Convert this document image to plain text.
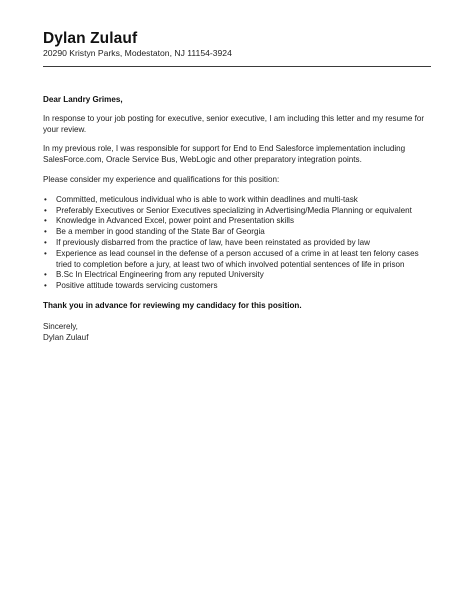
Dylan Zulauf
20290 Kristyn Parks, Modestaton, NJ 11154-3924

Dear Landry Grimes,

In response to your job posting for executive, senior executive, I am including this letter and my resume for your review.

In my previous role, I was responsible for support for End to End Salesforce implementation including SalesForce.com, Oracle Service Bus, WebLogic and other preparatory integration points.

Please consider my experience and qualifications for this position:

• Committed, meticulous individual who is able to work within deadlines and multi-task
• Preferably Executives or Senior Executives specializing in Advertising/Media Planning or equivalent
• Knowledge in Advanced Excel, power point and Presentation skills
• Be a member in good standing of the State Bar of Georgia
• If previously disbarred from the practice of law, have been reinstated as provided by law
• Experience as lead counsel in the defense of a person accused of a crime in at least ten felony cases tried to completion before a jury, at least two of which involved potential sentences of life in prison
• B.Sc In Electrical Engineering from any reputed University
• Positive attitude towards servicing customers

Thank you in advance for reviewing my candidacy for this position.

Sincerely,

Dylan Zulauf
